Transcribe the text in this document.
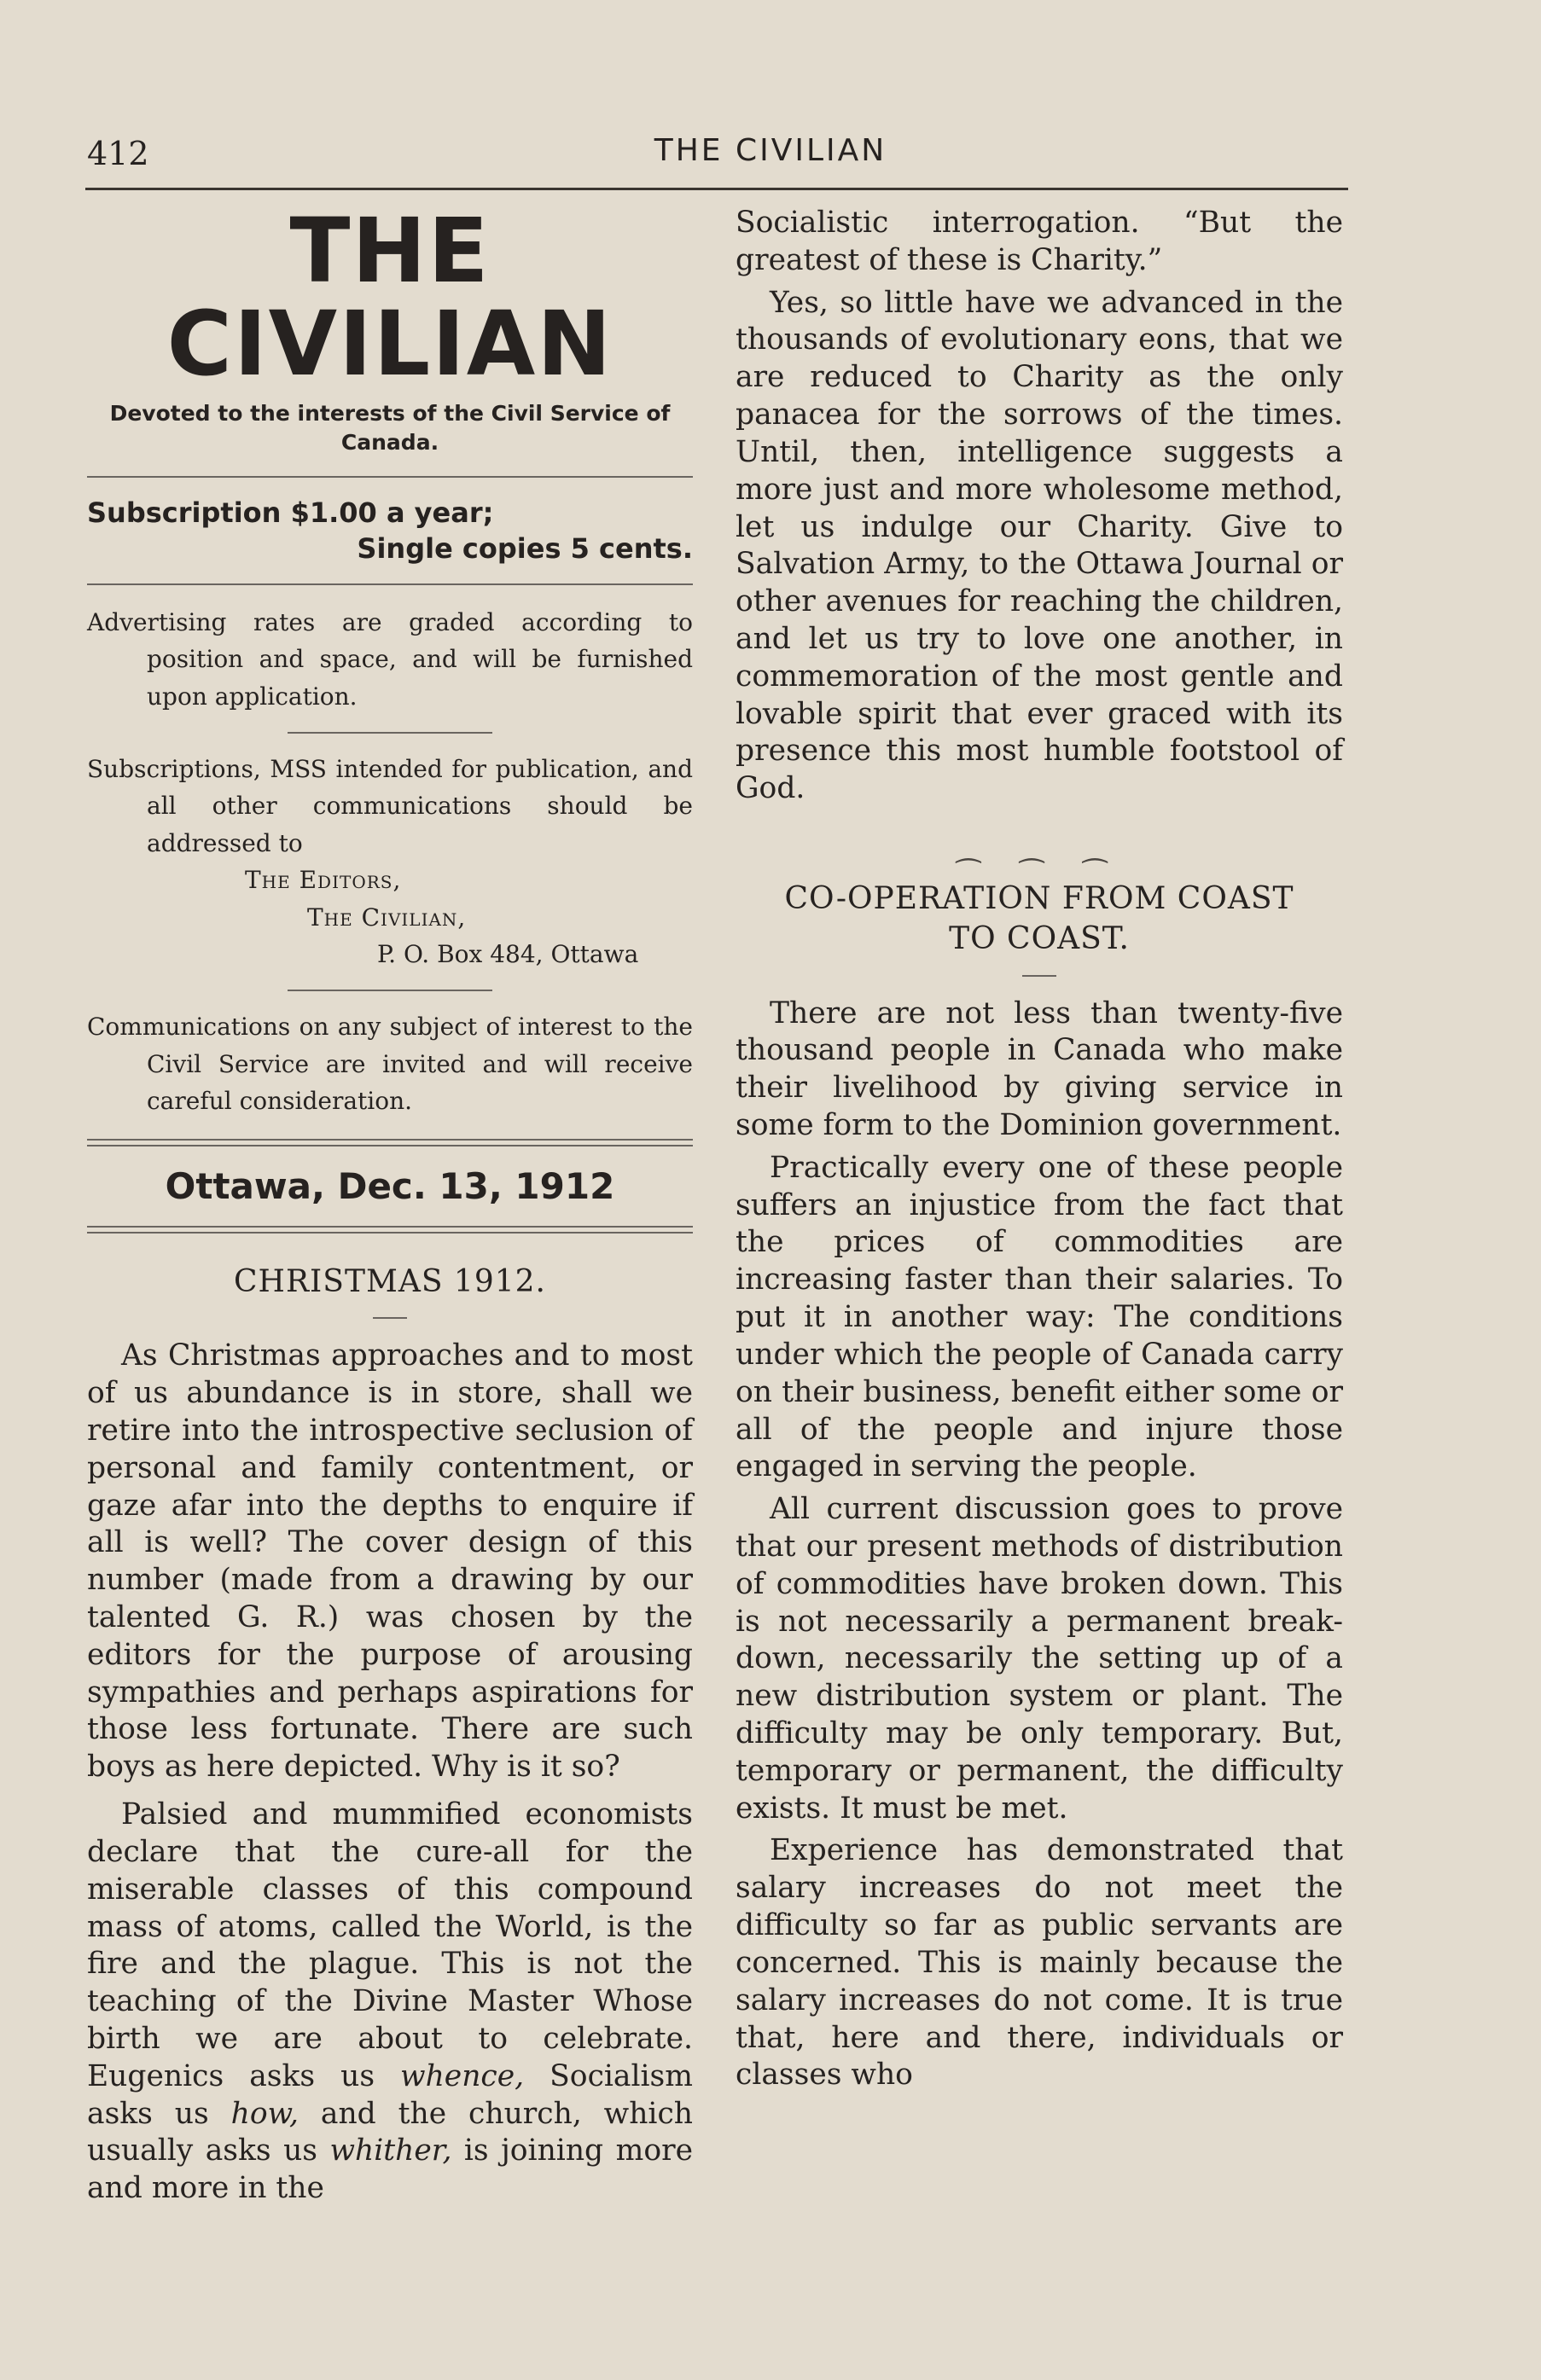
412	THE CIVILIAN
THE CIVILIAN

Devoted to the interests of the Civil Service of Canada.

Subscription $1.00 a year;

Single copies 5 cents.

Advertising rates are graded according to position and space, and will be furnished upon application.

Subscriptions, MSS intended for publication, and all other communications should be addressed to

The Editors,

The Civilian,

P. O. Box 484, Ottawa

Communications on any subject of interest to the Civil Service are invited and will receive careful consideration.

Ottawa, Dec. 13, 1912

CHRISTMAS 1912.

As Christmas approaches and to most of us abundance is in store, shall we retire into the introspective seclusion of personal and family contentment, or gaze afar into the depths to enquire if all is well? The cover design of this number (made from a drawing by our talented G. R.) was chosen by the editors for the purpose of arousing sympathies and perhaps aspirations for those less fortunate. There are such boys as here depicted. Why is it so?

Palsied and mummified economists declare that the cure-all for the miserable classes of this compound mass of atoms, called the World, is the fire and the plague. This is not the teaching of the Divine Master Whose birth we are about to celebrate. Eugenics asks us whence, Socialism asks us how, and the church, which usually asks us whither, is joining more and more in the

Socialistic interrogation. “But the greatest of these is Charity.”

Yes, so little have we advanced in the thousands of evolutionary eons, that we are reduced to Charity as the only panacea for the sorrows of the times. Until, then, intelligence suggests a more just and more wholesome method, let us indulge our Charity. Give to Salvation Army, to the Ottawa Journal or other avenues for reaching the children, and let us try to love one another, in commemoration of the most gentle and lovable spirit that ever graced with its presence this most humble footstool of God.

⁔ ⁔ ⁔

CO-OPERATION FROM COAST

TO COAST.

There are not less than twenty-five thousand people in Canada who make their livelihood by giving service in some form to the Dominion government.

Practically every one of these people suffers an injustice from the fact that the prices of commodities are increasing faster than their salaries. To put it in another way: The conditions under which the people of Canada carry on their business, benefit either some or all of the people and injure those engaged in serving the people.

All current discussion goes to prove that our present methods of distribution of commodities have broken down. This is not necessarily a permanent break-down, necessarily the setting up of a new distribution system or plant. The difficulty may be only temporary. But, temporary or permanent, the difficulty exists. It must be met.

Experience has demonstrated that salary increases do not meet the difficulty so far as public servants are concerned. This is mainly because the salary increases do not come. It is true that, here and there, individuals or classes who
